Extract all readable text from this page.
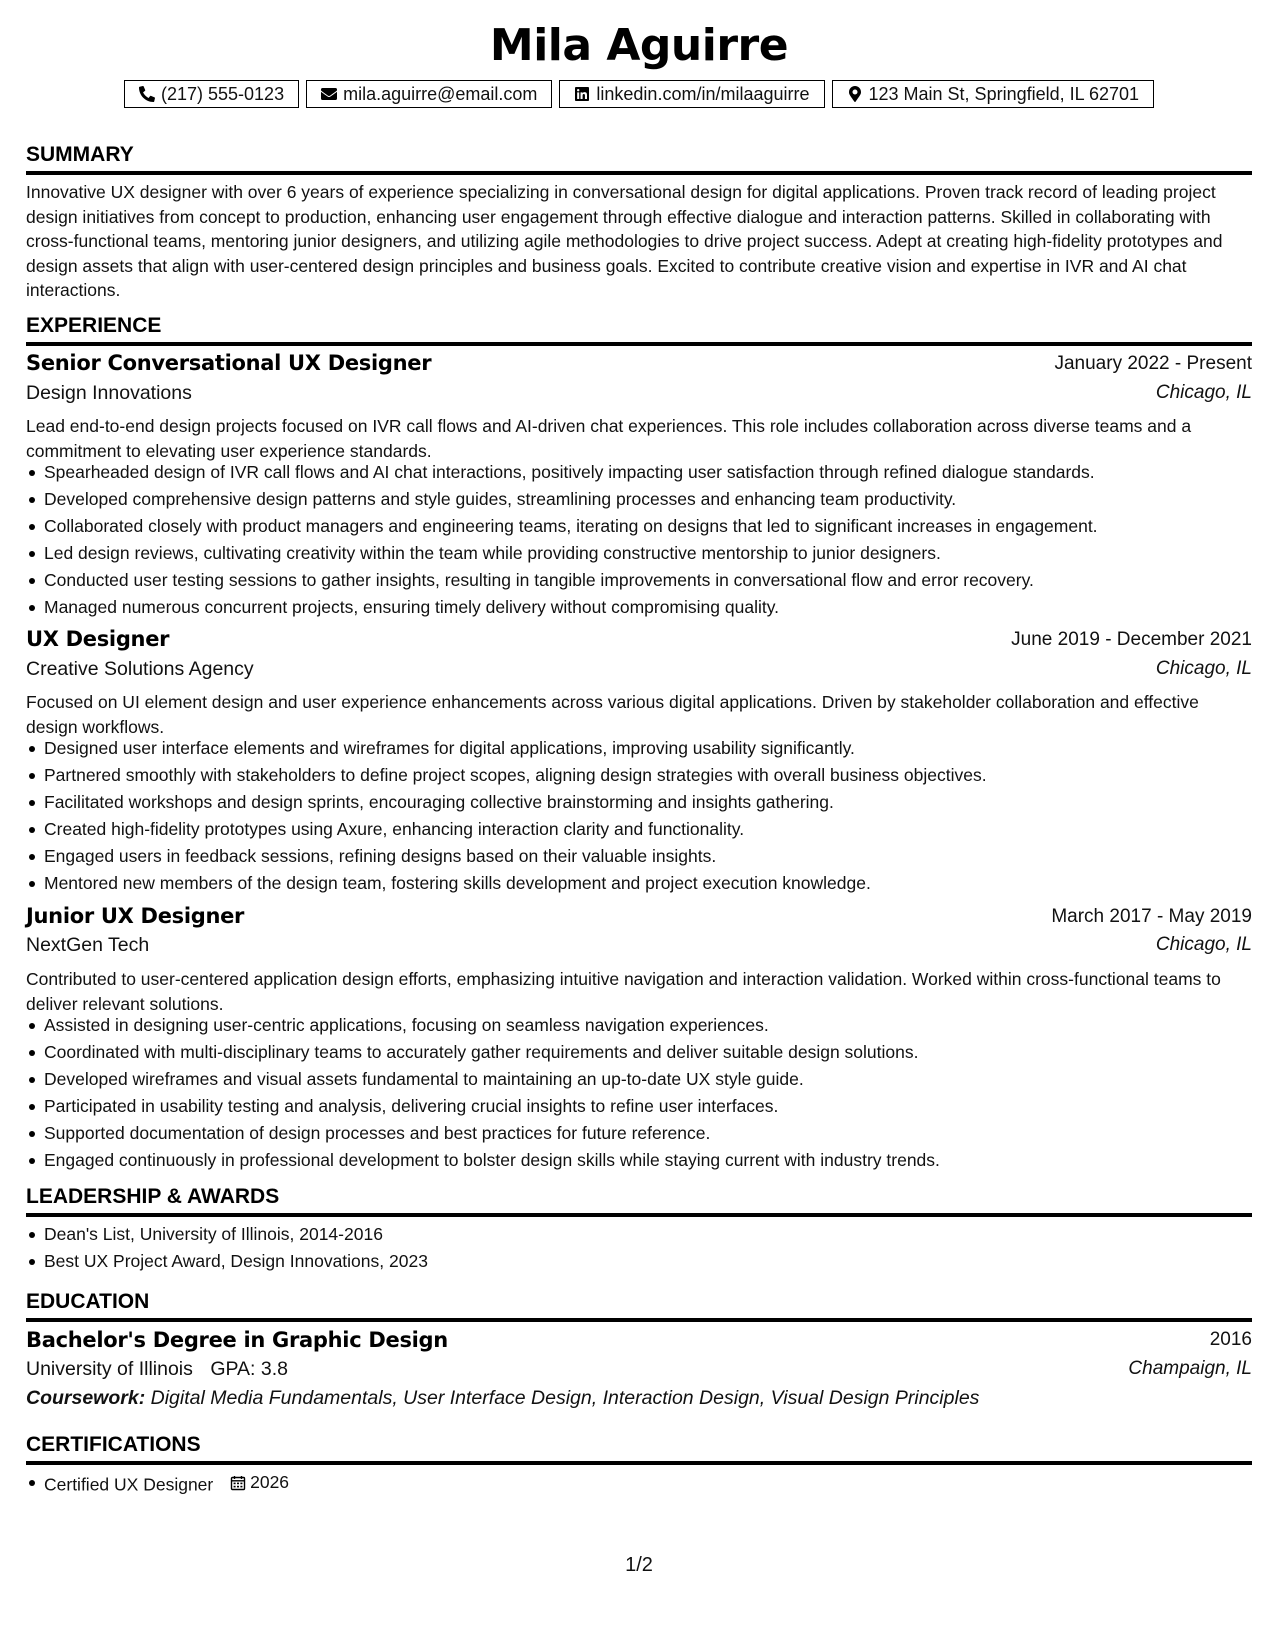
Mila Aguirre
(217) 555-0123	mila.aguirre@email.com	linkedin.com/in/milaaguirre	123 Main St, Springfield, IL 62701
SUMMARY
Innovative UX designer with over 6 years of experience specializing in conversational design for digital applications. Proven track record of leading project design initiatives from concept to production, enhancing user engagement through effective dialogue and interaction patterns. Skilled in collaborating with cross-functional teams, mentoring junior designers, and utilizing agile methodologies to drive project success. Adept at creating high-fidelity prototypes and design assets that align with user-centered design principles and business goals. Excited to contribute creative vision and expertise in IVR and AI chat interactions.
EXPERIENCE
Senior Conversational UX Designer	January 2022 - Present
Design Innovations	Chicago, IL
Lead end-to-end design projects focused on IVR call flows and AI-driven chat experiences. This role includes collaboration across diverse teams and a commitment to elevating user experience standards.
Spearheaded design of IVR call flows and AI chat interactions, positively impacting user satisfaction through refined dialogue standards.
Developed comprehensive design patterns and style guides, streamlining processes and enhancing team productivity.
Collaborated closely with product managers and engineering teams, iterating on designs that led to significant increases in engagement.
Led design reviews, cultivating creativity within the team while providing constructive mentorship to junior designers.
Conducted user testing sessions to gather insights, resulting in tangible improvements in conversational flow and error recovery.
Managed numerous concurrent projects, ensuring timely delivery without compromising quality.
UX Designer	June 2019 - December 2021
Creative Solutions Agency	Chicago, IL
Focused on UI element design and user experience enhancements across various digital applications. Driven by stakeholder collaboration and effective design workflows.
Designed user interface elements and wireframes for digital applications, improving usability significantly.
Partnered smoothly with stakeholders to define project scopes, aligning design strategies with overall business objectives.
Facilitated workshops and design sprints, encouraging collective brainstorming and insights gathering.
Created high-fidelity prototypes using Axure, enhancing interaction clarity and functionality.
Engaged users in feedback sessions, refining designs based on their valuable insights.
Mentored new members of the design team, fostering skills development and project execution knowledge.
Junior UX Designer	March 2017 - May 2019
NextGen Tech	Chicago, IL
Contributed to user-centered application design efforts, emphasizing intuitive navigation and interaction validation. Worked within cross-functional teams to deliver relevant solutions.
Assisted in designing user-centric applications, focusing on seamless navigation experiences.
Coordinated with multi-disciplinary teams to accurately gather requirements and deliver suitable design solutions.
Developed wireframes and visual assets fundamental to maintaining an up-to-date UX style guide.
Participated in usability testing and analysis, delivering crucial insights to refine user interfaces.
Supported documentation of design processes and best practices for future reference.
Engaged continuously in professional development to bolster design skills while staying current with industry trends.
LEADERSHIP & AWARDS
Dean's List, University of Illinois, 2014-2016
Best UX Project Award, Design Innovations, 2023
EDUCATION
Bachelor's Degree in Graphic Design	2016
University of Illinois GPA: 3.8	Champaign, IL
Coursework: Digital Media Fundamentals, User Interface Design, Interaction Design, Visual Design Principles
CERTIFICATIONS
Certified UX Designer 2026
1/2
